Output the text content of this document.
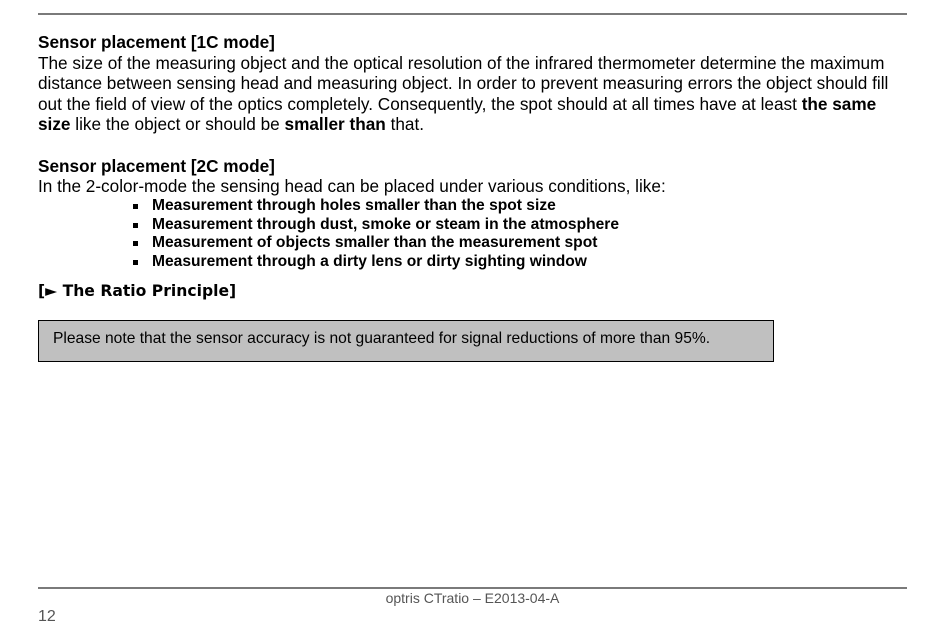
Sensor placement [1C mode]

The size of the measuring object and the optical resolution of the infrared thermometer determine the maximum distance between sensing head and measuring object. In order to prevent measuring errors the object should fill out the field of view of the optics completely. Consequently, the spot should at all times have at least the same size like the object or should be smaller than that.

Sensor placement [2C mode]

In the 2-color-mode the sensing head can be placed under various conditions, like:

Measurement through holes smaller than the spot size
Measurement through dust, smoke or steam in the atmosphere
Measurement of objects smaller than the measurement spot
Measurement through a dirty lens or dirty sighting window
[► The Ratio Principle]
Please note that the sensor accuracy is not guaranteed for signal reductions of more than 95%.
optris CTratio – E2013-04-A
12
